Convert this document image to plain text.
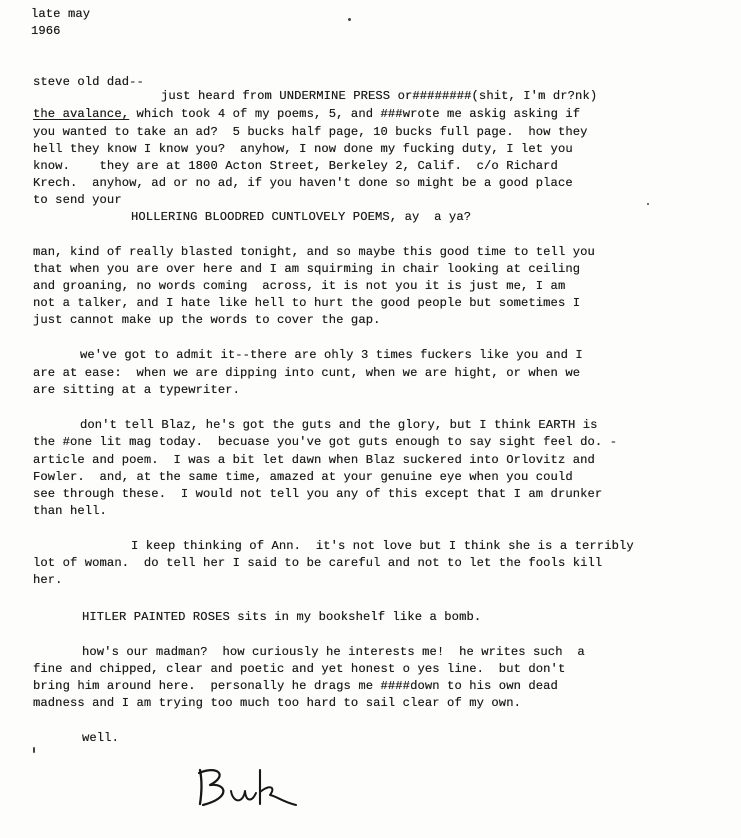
late may
1966
steve old dad--
just heard from UNDERMINE PRESS or########(shit, I'm dr?nk)
the avalance, which took 4 of my poems, 5, and ###wrote me askig asking if
you wanted to take an ad?  5 bucks half page, 10 bucks full page.  how they
hell they know I know you?  anyhow, I now done my fucking duty, I let you
know.    they are at 1800 Acton Street, Berkeley 2, Calif.  c/o Richard
Krech.  anyhow, ad or no ad, if you haven't done so might be a good place
to send your
HOLLERING BLOODRED CUNTLOVELY POEMS, ay  a ya?
man, kind of really blasted tonight, and so maybe this good time to tell you
that when you are over here and I am squirming in chair looking at ceiling
and groaning, no words coming  across, it is not you it is just me, I am
not a talker, and I hate like hell to hurt the good people but sometimes I
just cannot make up the words to cover the gap.
we've got to admit it--there are ohly 3 times fuckers like you and I
are at ease:  when we are dipping into cunt, when we are hight, or when we
are sitting at a typewriter.
don't tell Blaz, he's got the guts and the glory, but I think EARTH is
the #one lit mag today.  becuase you've got guts enough to say sight feel do. -
article and poem.  I was a bit let dawn when Blaz suckered into Orlovitz and
Fowler.  and, at the same time, amazed at your genuine eye when you could
see through these.  I would not tell you any of this except that I am drunker
than hell.
I keep thinking of Ann.  it's not love but I think she is a terribly
lot of woman.  do tell her I said to be careful and not to let the fools kill
her.
HITLER PAINTED ROSES sits in my bookshelf like a bomb.
how's our madman?  how curiously he interests me!  he writes such  a
fine and chipped, clear and poetic and yet honest o yes line.  but don't
bring him around here.  personally he drags me ####down to his own dead
madness and I am trying too much too hard to sail clear of my own.
well.
